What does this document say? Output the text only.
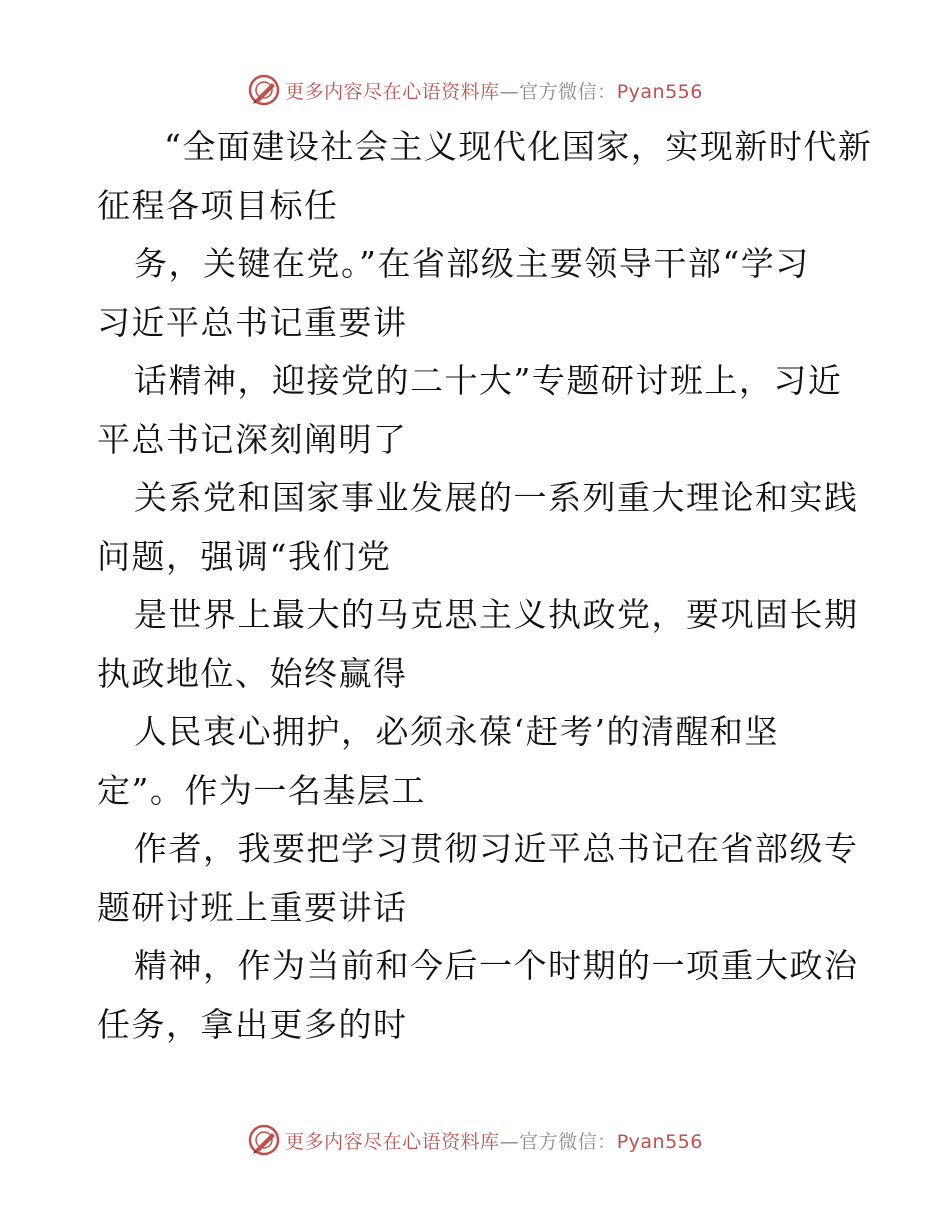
更多内容尽在心语资料库—官方微信：Pyan556
“全面建设社会主义现代化国家，实现新时代新
征程各项目标任
务，关键在党。”在省部级主要领导干部“学习
习近平总书记重要讲
话精神，迎接党的二十大”专题研讨班上，习近
平总书记深刻阐明了
关系党和国家事业发展的一系列重大理论和实践
问题，强调“我们党
是世界上最大的马克思主义执政党，要巩固长期
执政地位、始终赢得
人民衷心拥护，必须永葆‘赶考’的清醒和坚
定”。作为一名基层工
作者，我要把学习贯彻习近平总书记在省部级专
题研讨班上重要讲话
精神，作为当前和今后一个时期的一项重大政治
任务，拿出更多的时
更多内容尽在心语资料库—官方微信：Pyan556
